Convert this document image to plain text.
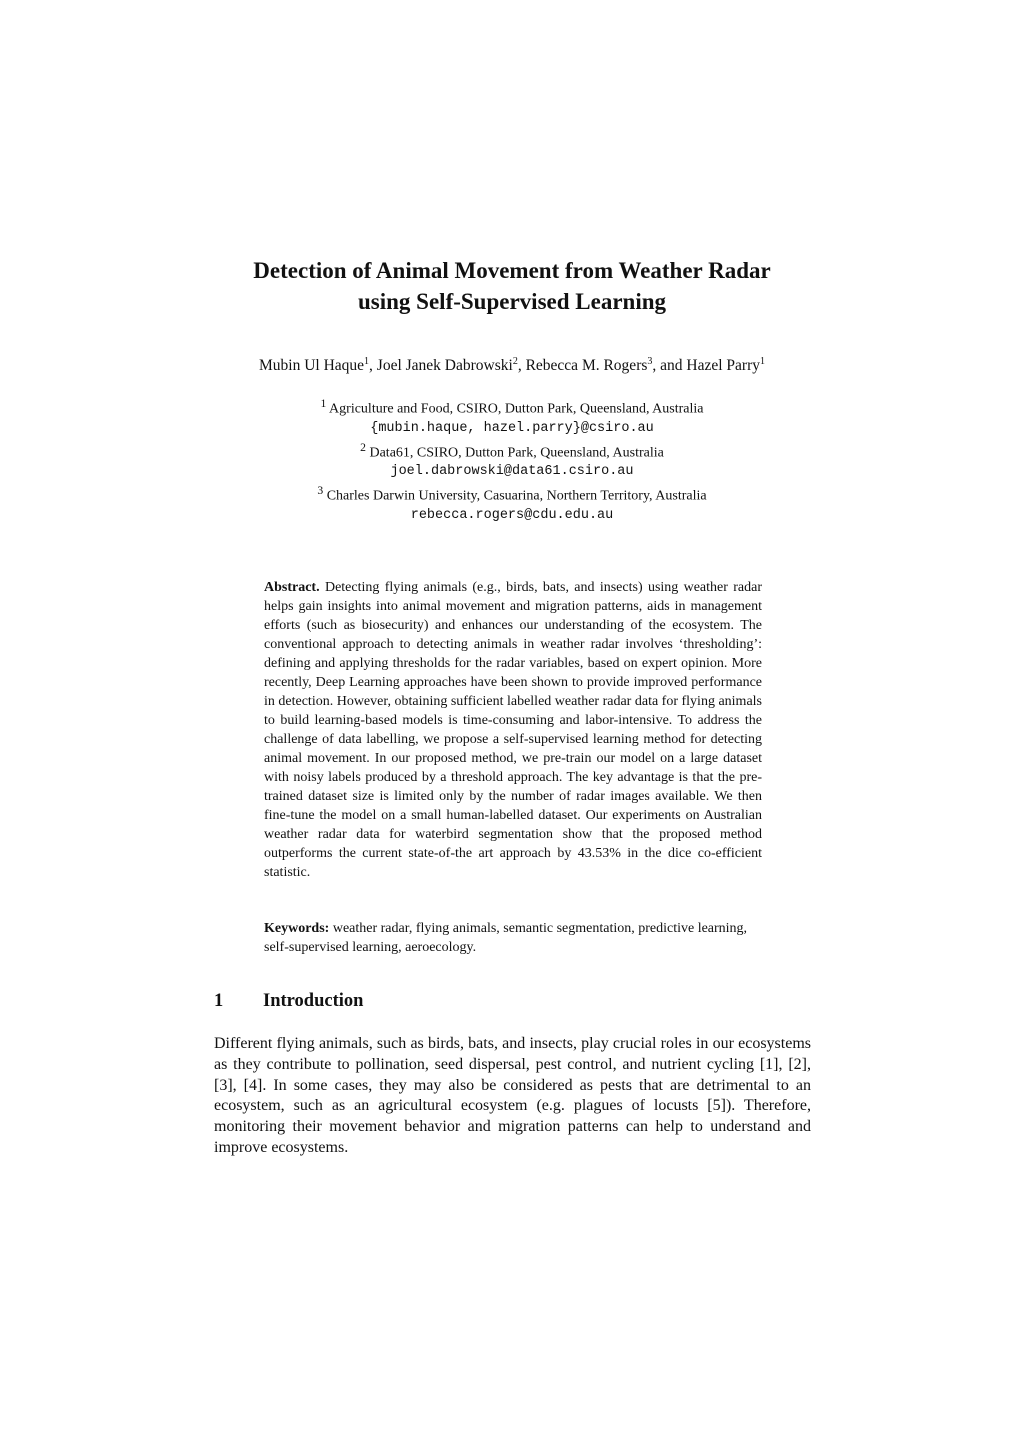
Detection of Animal Movement from Weather Radar
using Self-Supervised Learning
Mubin Ul Haque$^1$, Joel Janek Dabrowski$^2$, Rebecca M. Rogers$^3$, and Hazel Parry$^1$
$^1$ Agriculture and Food, CSIRO, Dutton Park, Queensland, Australia
{mubin.haque, hazel.parry}@csiro.au
$^2$ Data61, CSIRO, Dutton Park, Queensland, Australia
joel.dabrowski@data61.csiro.au
$^3$ Charles Darwin University, Casuarina, Northern Territory, Australia
rebecca.rogers@cdu.edu.au

Abstract. Detecting flying animals (e.g., birds, bats, and insects) using weather radar helps gain insights into animal movement and migration patterns, aids in management efforts (such as biosecurity) and enhances our understanding of the ecosystem. The conventional approach to detecting animals in weather radar involves ‘thresholding’: defining and applying thresholds for the radar variables, based on expert opinion. More recently, Deep Learning approaches have been shown to provide improved performance in detection. However, obtaining sufficient labelled weather radar data for flying animals to build learning-based models is time-consuming and labor-intensive. To address the challenge of data labelling, we propose a self-supervised learning method for detecting animal movement. In our proposed method, we pre-train our model on a large dataset with noisy labels produced by a threshold approach. The key advantage is that the pre-trained dataset size is limited only by the number of radar images available. We then fine-tune the model on a small human-labelled dataset. Our experiments on Australian weather radar data for waterbird segmentation show that the proposed method outperforms the current state-of-the art approach by 43.53% in the dice co-efficient statistic.

Keywords: weather radar, flying animals, semantic segmentation, predictive learning, self-supervised learning, aeroecology.

1 Introduction

Different flying animals, such as birds, bats, and insects, play crucial roles in our ecosystems as they contribute to pollination, seed dispersal, pest control, and nutrient cycling [1], [2], [3], [4]. In some cases, they may also be considered as pests that are detrimental to an ecosystem, such as an agricultural ecosystem (e.g. plagues of locusts [5]). Therefore, monitoring their movement behavior and migration patterns can help to understand and improve ecosystems.
